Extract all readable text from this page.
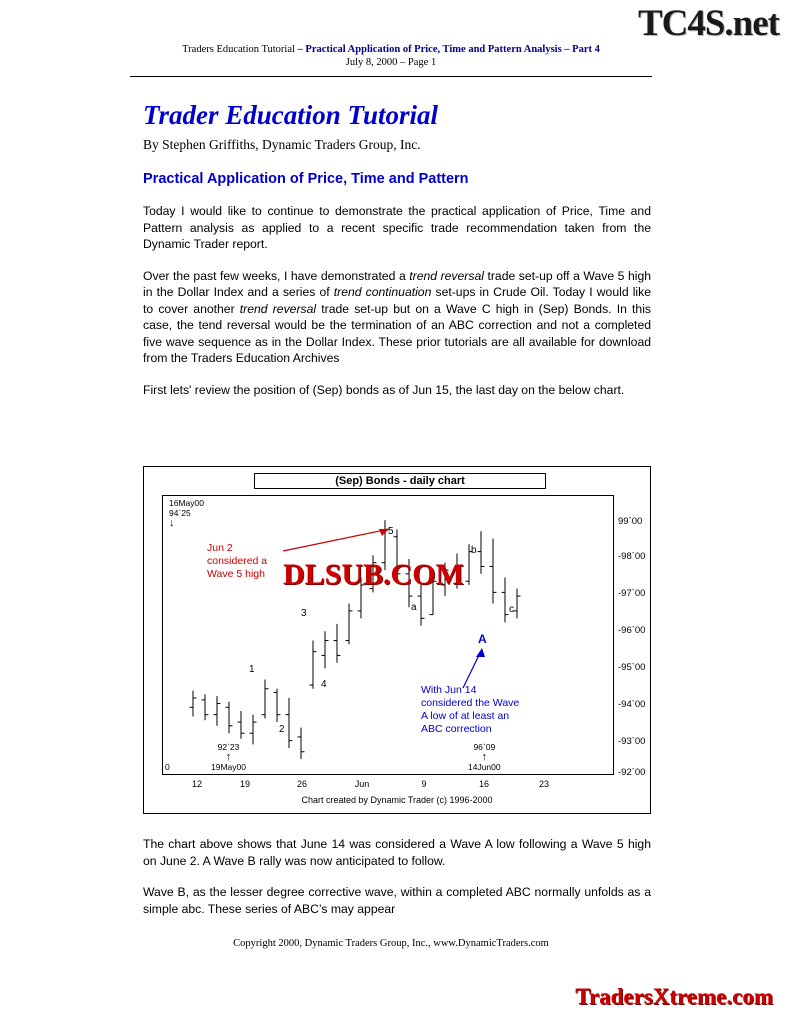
TC4S.net
Traders Education Tutorial – Practical Application of Price, Time and Pattern Analysis – Part 4
July 8, 2000 – Page 1
Trader Education Tutorial
By Stephen Griffiths, Dynamic Traders Group, Inc.
Practical Application of Price, Time and Pattern

Today I would like to continue to demonstrate the practical application of Price, Time and Pattern analysis as applied to a recent specific trade recommendation taken from the Dynamic Trader report.

Over the past few weeks, I have demonstrated a trend reversal trade set-up off a Wave 5 high in the Dollar Index and a series of trend continuation set-ups in Crude Oil. Today I would like to cover another trend reversal trade set-up but on a Wave C high in (Sep) Bonds. In this case, the tend reversal would be the termination of an ABC correction and not a completed five wave sequence as in the Dollar Index. These prior tutorials are all available for download from the Traders Education Archives

First lets' review the position of (Sep) bonds as of Jun 15, the last day on the below chart.

(Sep) Bonds - daily chart
16May00
94`25
↓
0
92`23
↑
19May00
96`09
↑
14Jun00
DLSUB.COM
1
2
3
4
5
a
b
c
A
Jun 2
considered a
Wave 5 high
With Jun 14
considered the Wave
A low of at least an
ABC correction
99`00
-98`00
-97`00
-96`00
-95`00
-94`00
-93`00
-92`00
12	19	26	Jun	9	16	23
Chart created by Dynamic Trader (c) 1996-2000

The chart above shows that June 14 was considered a Wave A low following a Wave 5 high on June 2. A Wave B rally was now anticipated to follow.

Wave B, as the lesser degree corrective wave, within a completed ABC normally unfolds as a simple abc. These series of ABC’s may appear

Copyright 2000, Dynamic Traders Group, Inc., www.DynamicTraders.com
TradersXtreme.com
